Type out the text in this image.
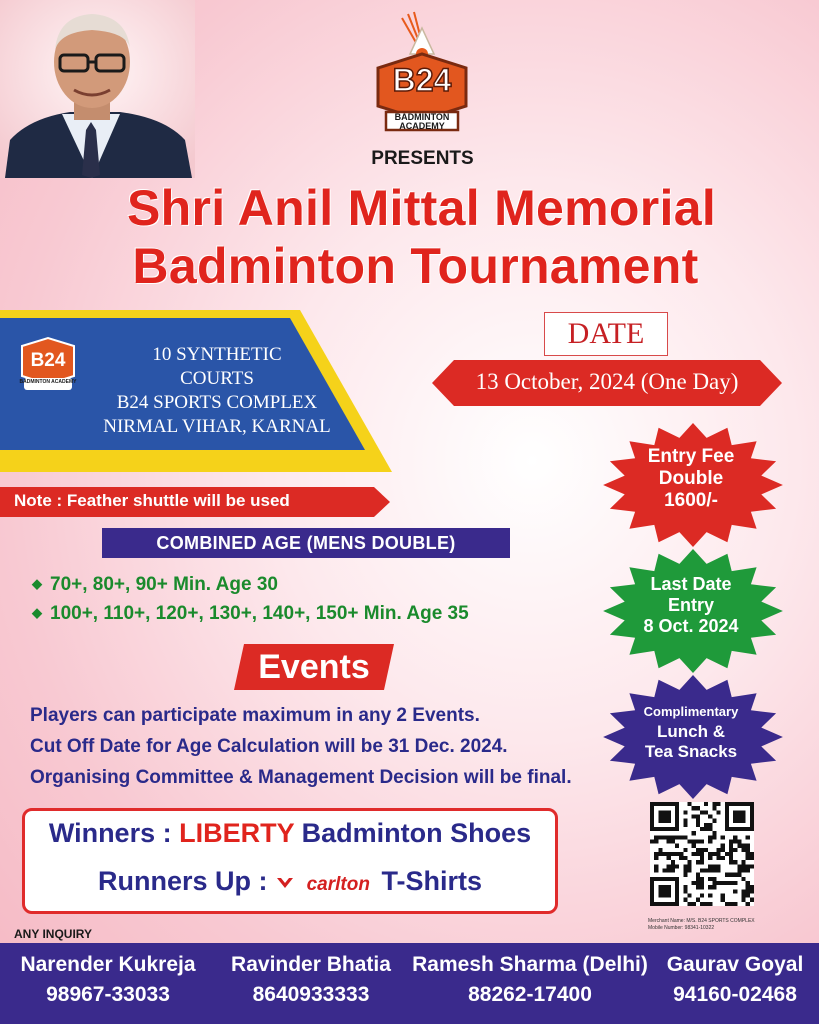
B24
BADMINTON
ACADEMY
PRESENTS
Shri Anil Mittal Memorial
Badminton Tournament
B24
BADMINTON ACADEMY
10 SYNTHETIC
COURTS
B24 SPORTS COMPLEX
NIRMAL VIHAR, KARNAL
DATE
13 October, 2024 (One Day)
Note : Feather shuttle will be used
COMBINED AGE (MENS DOUBLE)
◆ 70+, 80+, 90+ Min. Age 30
◆ 100+, 110+, 120+, 130+, 140+, 150+ Min. Age 35
Events
Players can participate maximum in any 2 Events.
Cut Off Date for Age Calculation will be 31 Dec. 2024.
Organising Committee & Management Decision will be final.
Winners : LIBERTY Badminton Shoes
Runners Up : carlton T-Shirts
Entry Fee
Double
1600/-
Last Date
Entry
8 Oct. 2024
Complimentary
Lunch &
Tea Snacks
Merchant Name: M/S. B24 SPORTS COMPLEX
Mobile Number: 98341-10322
ANY INQUIRY
Narender Kukreja
98967-33033
Ravinder Bhatia
8640933333
Ramesh Sharma (Delhi)
88262-17400
Gaurav Goyal
94160-02468
